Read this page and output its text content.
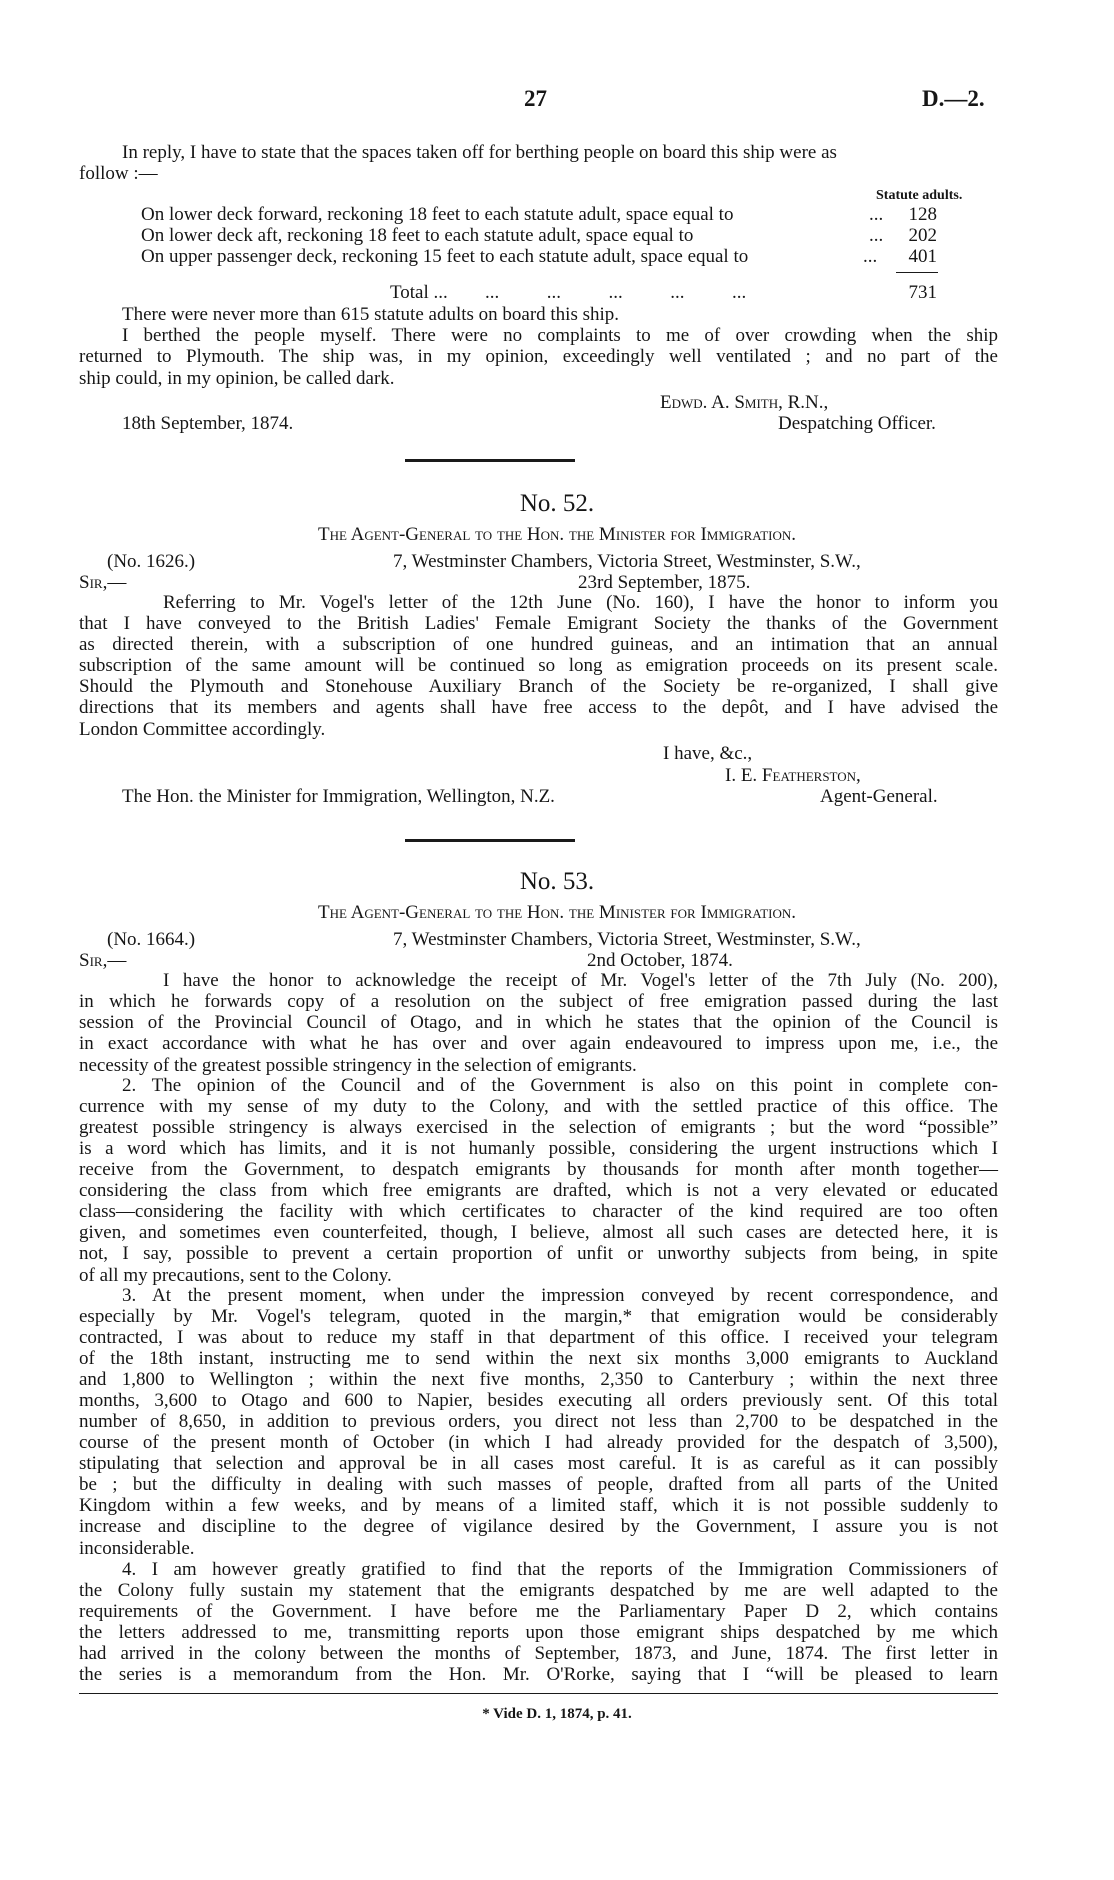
27	D.—2.
In reply, I have to state that the spaces taken off for berthing people on board this ship were as
follow :—
Statute adults.
On lower deck forward, reckoning 18 feet to each statute adult, space equal to	...	128
On lower deck aft, reckoning 18 feet to each statute adult, space equal to	...	202
On upper passenger deck, reckoning 15 feet to each statute adult, space equal to	...	401
Total ... ...          ...          ...          ...          ...	731
There were never more than 615 statute adults on board this ship.
I berthed the people myself. There were no complaints to me of over crowding when the ship
returned to Plymouth. The ship was, in my opinion, exceedingly well ventilated ; and no part of the
ship could, in my opinion, be called dark.
Edwd. A. Smith, R.N.,
18th September, 1874.	Despatching Officer.
No. 52.
The Agent-General to the Hon. the Minister for Immigration.
(No. 1626.)	7, Westminster Chambers, Victoria Street, Westminster, S.W.,
Sir,—	23rd September, 1875.
Referring to Mr. Vogel's letter of the 12th June (No. 160), I have the honor to inform you
that I have conveyed to the British Ladies' Female Emigrant Society the thanks of the Government
as directed therein, with a subscription of one hundred guineas, and an intimation that an annual
subscription of the same amount will be continued so long as emigration proceeds on its present scale.
Should the Plymouth and Stonehouse Auxiliary Branch of the Society be re-organized, I shall give
directions that its members and agents shall have free access to the depôt, and I have advised the
London Committee accordingly.
I have, &c.,
I. E. Featherston,
The Hon. the Minister for Immigration, Wellington, N.Z.	Agent-General.
No. 53.
The Agent-General to the Hon. the Minister for Immigration.
(No. 1664.)	7, Westminster Chambers, Victoria Street, Westminster, S.W.,
Sir,—	2nd October, 1874.
I have the honor to acknowledge the receipt of Mr. Vogel's letter of the 7th July (No. 200),
in which he forwards copy of a resolution on the subject of free emigration passed during the last
session of the Provincial Council of Otago, and in which he states that the opinion of the Council is
in exact accordance with what he has over and over again endeavoured to impress upon me, i.e., the
necessity of the greatest possible stringency in the selection of emigrants.
2. The opinion of the Council and of the Government is also on this point in complete con-
currence with my sense of my duty to the Colony, and with the settled practice of this office. The
greatest possible stringency is always exercised in the selection of emigrants ; but the word “possible”
is a word which has limits, and it is not humanly possible, considering the urgent instructions which I
receive from the Government, to despatch emigrants by thousands for month after month together—
considering the class from which free emigrants are drafted, which is not a very elevated or educated
class—considering the facility with which certificates to character of the kind required are too often
given, and sometimes even counterfeited, though, I believe, almost all such cases are detected here, it is
not, I say, possible to prevent a certain proportion of unfit or unworthy subjects from being, in spite
of all my precautions, sent to the Colony.
3. At the present moment, when under the impression conveyed by recent correspondence, and
especially by Mr. Vogel's telegram, quoted in the margin,* that emigration would be considerably
contracted, I was about to reduce my staff in that department of this office. I received your telegram
of the 18th instant, instructing me to send within the next six months 3,000 emigrants to Auckland
and 1,800 to Wellington ; within the next five months, 2,350 to Canterbury ; within the next three
months, 3,600 to Otago and 600 to Napier, besides executing all orders previously sent. Of this total
number of 8,650, in addition to previous orders, you direct not less than 2,700 to be despatched in the
course of the present month of October (in which I had already provided for the despatch of 3,500),
stipulating that selection and approval be in all cases most careful. It is as careful as it can possibly
be ; but the difficulty in dealing with such masses of people, drafted from all parts of the United
Kingdom within a few weeks, and by means of a limited staff, which it is not possible suddenly to
increase and discipline to the degree of vigilance desired by the Government, I assure you is not
inconsiderable.
4. I am however greatly gratified to find that the reports of the Immigration Commissioners of
the Colony fully sustain my statement that the emigrants despatched by me are well adapted to the
requirements of the Government. I have before me the Parliamentary Paper D 2, which contains
the letters addressed to me, transmitting reports upon those emigrant ships despatched by me which
had arrived in the colony between the months of September, 1873, and June, 1874. The first letter in
the series is a memorandum from the Hon. Mr. O'Rorke, saying that I “will be pleased to learn
* Vide D. 1, 1874, p. 41.
